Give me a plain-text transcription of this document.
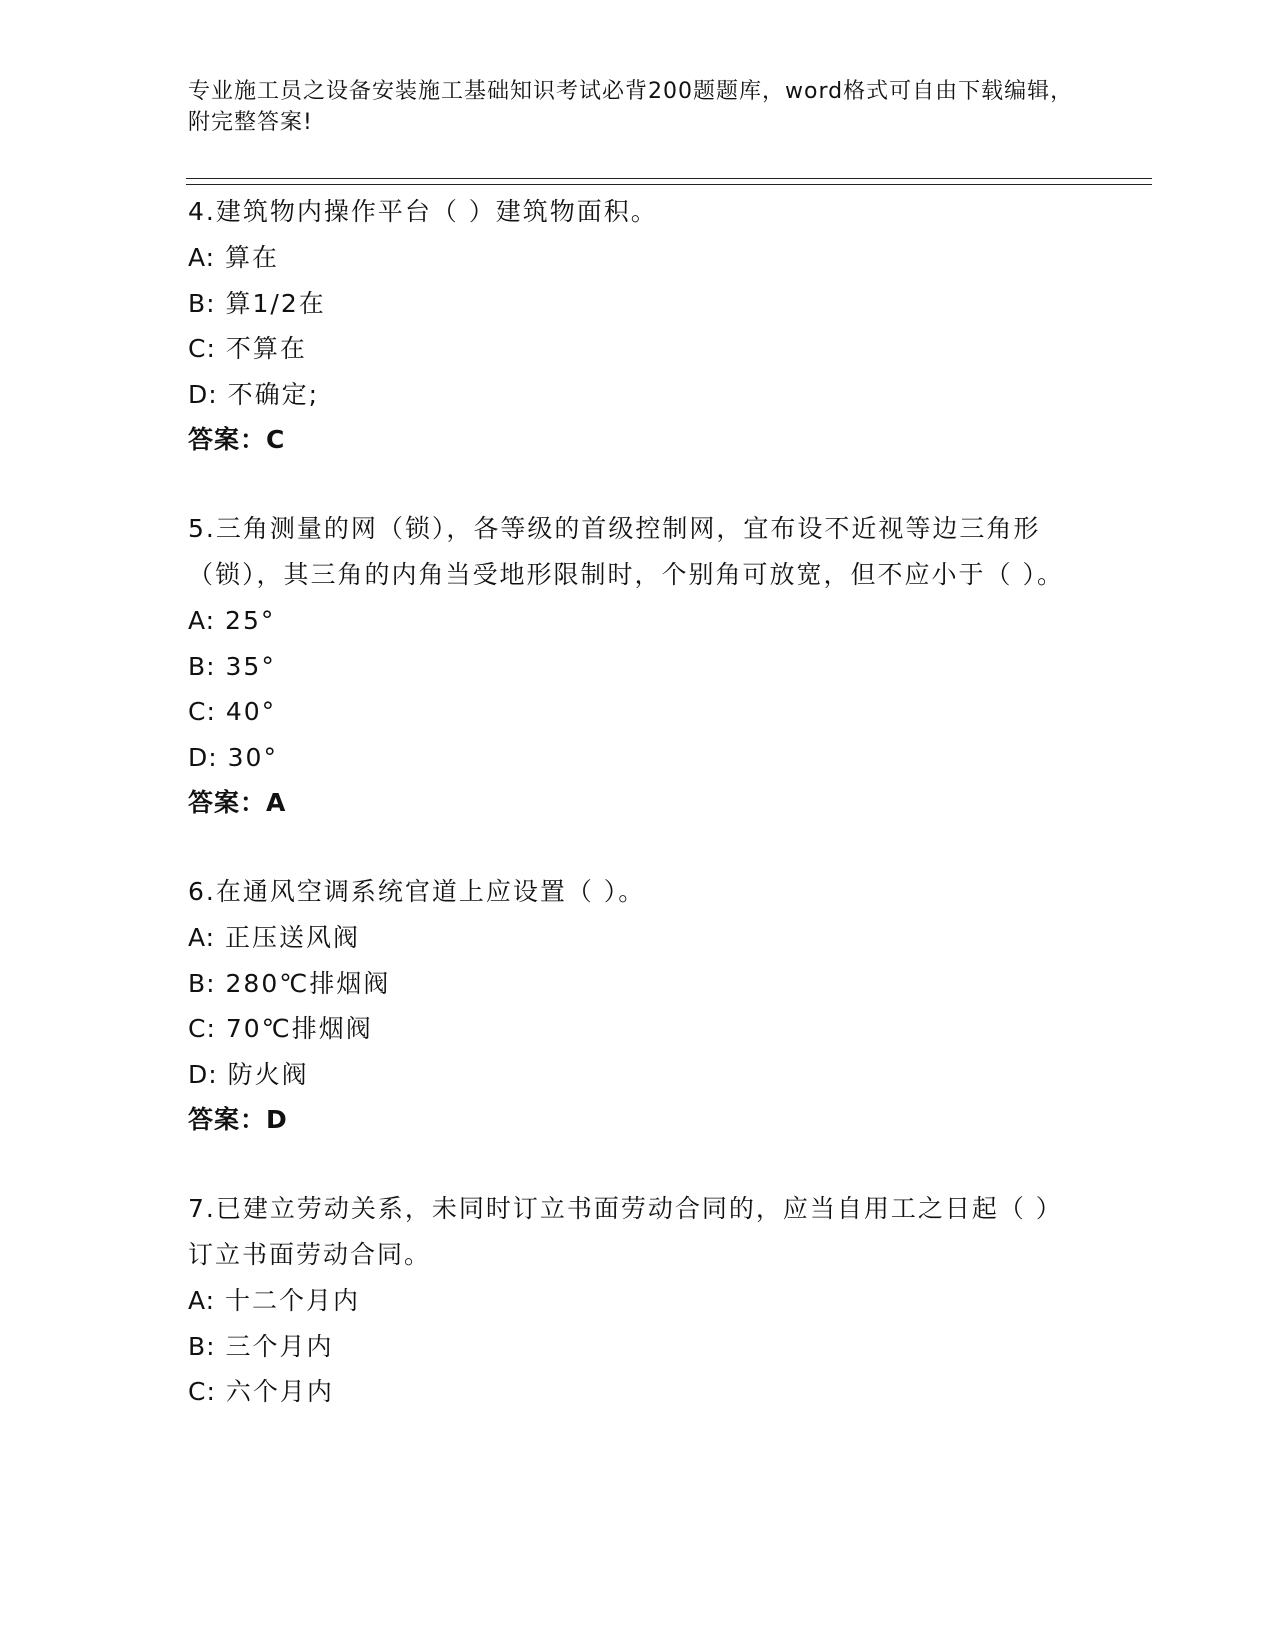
专业施工员之设备安装施工基础知识考试必背200题题库，word格式可自由下载编辑，附完整答案!
4.建筑物内操作平台（ ）建筑物面积。
A: 算在
B: 算1/2在
C: 不算在
D: 不确定;
答案：C
5.三角测量的网（锁），各等级的首级控制网，宜布设不近视等边三角形（锁），其三角的内角当受地形限制时，个别角可放宽，但不应小于（ ）。
A: 25°
B: 35°
C: 40°
D: 30°
答案：A
6.在通风空调系统官道上应设置（ ）。
A: 正压送风阀
B: 280℃排烟阀
C: 70℃排烟阀
D: 防火阀
答案：D
7.已建立劳动关系，未同时订立书面劳动合同的，应当自用工之日起（ ）订立书面劳动合同。
A: 十二个月内
B: 三个月内
C: 六个月内
